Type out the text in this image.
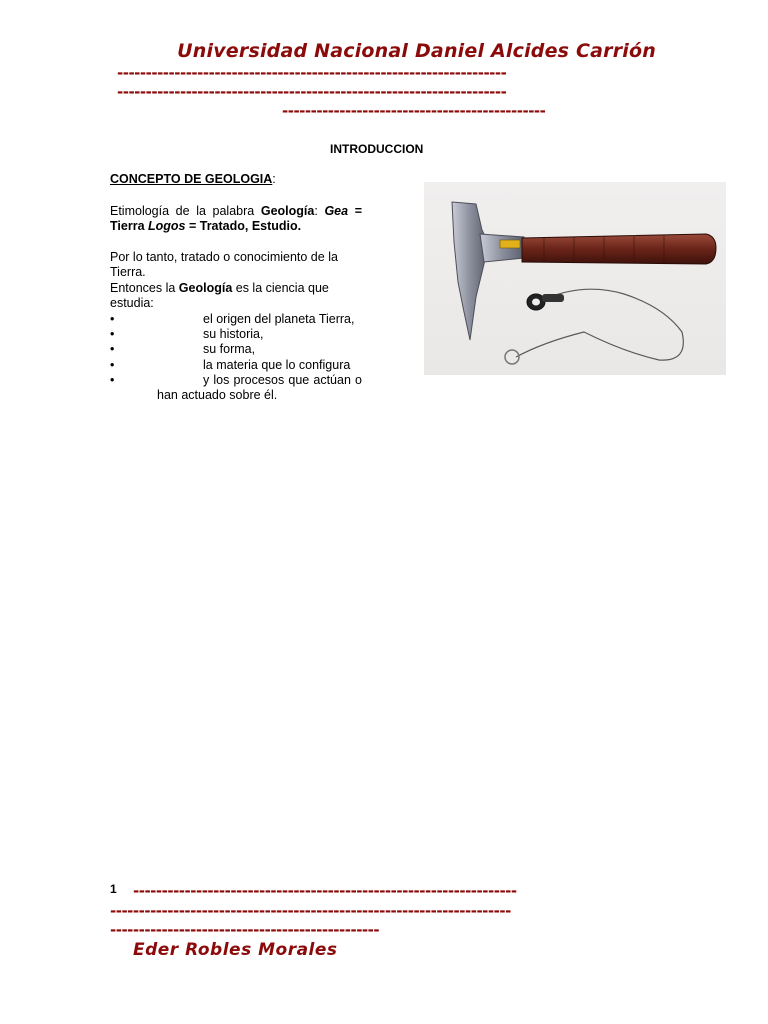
Universidad Nacional Daniel Alcides Carrión
--------------------------------------------------------------------
--------------------------------------------------------------------
----------------------------------------------
INTRODUCCION
CONCEPTO DE GEOLOGIA:
Etimología de la palabra Geología: Gea = Tierra Logos = Tratado, Estudio.
Por lo tanto, tratado o conocimiento de la Tierra.
Entonces la Geología es la ciencia que estudia:
•	el origen del planeta Tierra,
•	su historia,
•	su forma,
•	la materia que lo configura
•	y los procesos que actúan o han actuado sobre él.
1 -------------------------------------------------------------------
----------------------------------------------------------------------
-----------------------------------------------
Eder Robles Morales
